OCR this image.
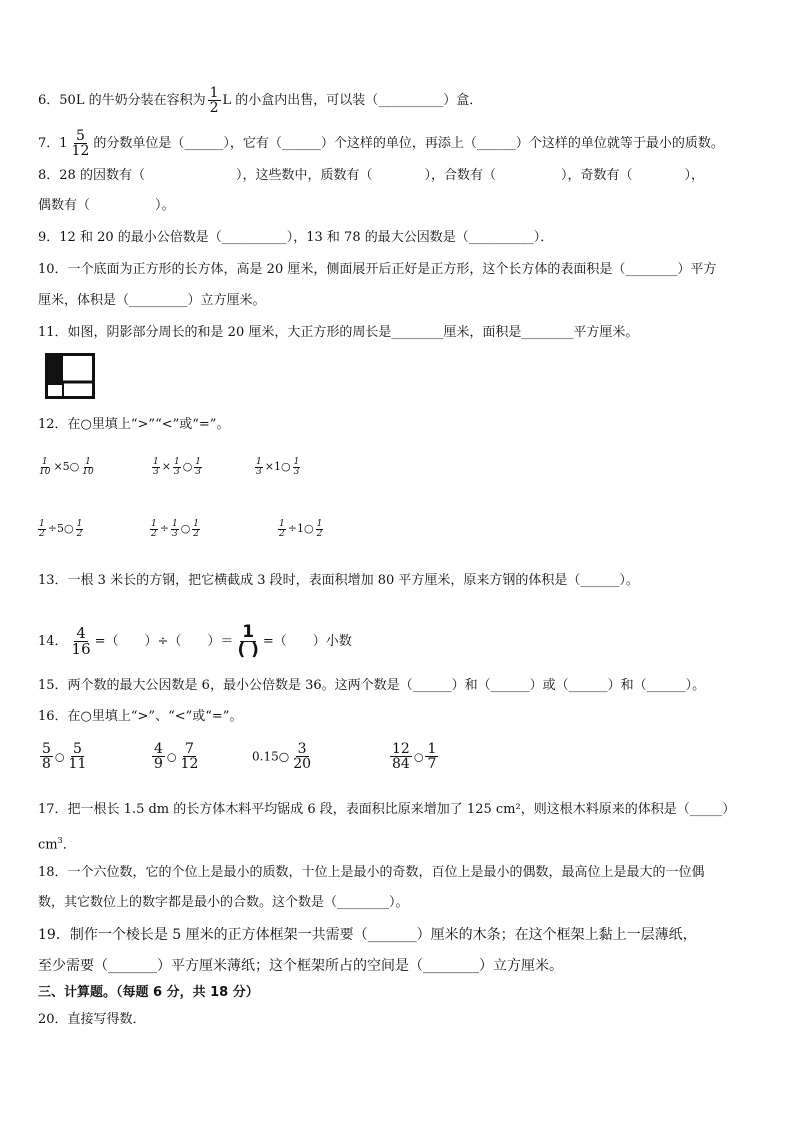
6．50L 的牛奶分装在容积为 $\frac{1}{2}$ L 的小盒内出售，可以装（__________）盒．
7．$1 \frac{5}{12}$ 的分数单位是（______），它有（______）个这样的单位，再添上（______）个这样的单位就等于最小的质数。
8．28 的因数有（　　　　　　　），这些数中，质数有（　　　　），合数有（　　　　　），奇数有（　　　　），
偶数有（　　　　　）。
9．12 和 20 的最小公倍数是（__________），13 和 78 的最大公因数是（__________）．
10．一个底面为正方形的长方体，高是 20 厘米，侧面展开后正好是正方形，这个长方体的表面积是（________）平方
厘米，体积是（_________）立方厘米。
11．如图，阴影部分周长的和是 20 厘米，大正方形的周长是________厘米，面积是________平方厘米。
12．在○里填上“>”“<”或“=”。
$\frac{1}{10}$ ×5○ $\frac{1}{10}$	$\frac{1}{3} \times \frac{1}{3}$ ○ $\frac{1}{3}$	$\frac{1}{3}$ ×1○ $\frac{1}{3}$
$\frac{1}{2}$ ÷5○ $\frac{1}{2}$	$\frac{1}{2} \div \frac{1}{3}$ ○ $\frac{1}{2}$	$\frac{1}{2}$ ÷1○ $\frac{1}{2}$
13．一根 3 米长的方钢，把它横截成 3 段时，表面积增加 80 平方厘米，原来方钢的体积是（______）。
14． $\frac{4}{16}$ =（　　）÷（　　）＝ $\frac{1}{( )}$ =（　　）小数
15．两个数的最大公因数是 6，最小公倍数是 36。这两个数是（______）和（______）或（______）和（______）。
16．在○里填上“>”、“<”或“=”。
$\frac{5}{8}$ ○ $\frac{5}{11}$	$\frac{4}{9}$ ○ $\frac{7}{12}$	0.15○ $\frac{3}{20}$	$\frac{12}{84}$ ○ $\frac{1}{7}$
17．把一根长 1.5 dm 的长方体木料平均锯成 6 段，表面积比原来增加了 125 cm²，则这根木料原来的体积是（_____）
$cm^3$．
18．一个六位数，它的个位上是最小的质数，十位上是最小的奇数，百位上是最小的偶数，最高位上是最大的一位偶
数，其它数位上的数字都是最小的合数。这个数是（________）。
19．制作一个棱长是 5 厘米的正方体框架一共需要（_______）厘米的木条；在这个框架上黏上一层薄纸，
至少需要（_______）平方厘米薄纸；这个框架所占的空间是（________）立方厘米。
三、计算题。（每题 6 分，共 18 分）
20．直接写得数．
